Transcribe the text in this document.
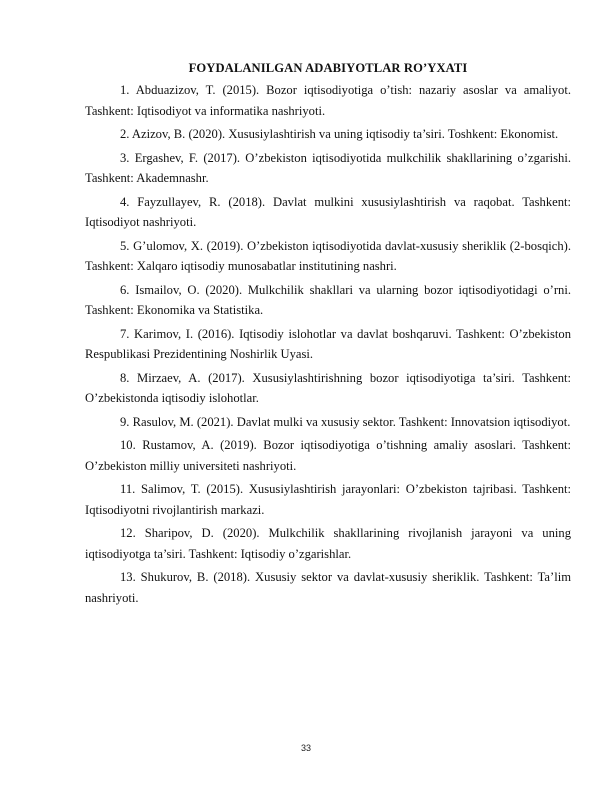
FOYDALANILGAN ADABIYOTLAR RO’YXATI
1. Abduazizov, T. (2015). Bozor iqtisodiyotiga o’tish: nazariy asoslar va amaliyot. Tashkent: Iqtisodiyot va informatika nashriyoti.
2. Azizov, B. (2020). Xususiylashtirish va uning iqtisodiy ta’siri. Toshkent: Ekonomist.
3. Ergashev, F. (2017). O’zbekiston iqtisodiyotida mulkchilik shakllarining o’zgarishi. Tashkent: Akademnashr.
4. Fayzullayev, R. (2018). Davlat mulkini xususiylashtirish va raqobat. Tashkent: Iqtisodiyot nashriyoti.
5. G’ulomov, X. (2019). O’zbekiston iqtisodiyotida davlat-xususiy sheriklik (2-bosqich). Tashkent: Xalqaro iqtisodiy munosabatlar institutining nashri.
6. Ismailov, O. (2020). Mulkchilik shakllari va ularning bozor iqtisodiyotidagi o’rni. Tashkent: Ekonomika va Statistika.
7. Karimov, I. (2016). Iqtisodiy islohotlar va davlat boshqaruvi. Tashkent: O’zbekiston Respublikasi Prezidentining Noshirlik Uyasi.
8. Mirzaev, A. (2017). Xususiylashtirishning bozor iqtisodiyotiga ta’siri. Tashkent: O’zbekistonda iqtisodiy islohotlar.
9. Rasulov, M. (2021). Davlat mulki va xususiy sektor. Tashkent: Innovatsion iqtisodiyot.
10. Rustamov, A. (2019). Bozor iqtisodiyotiga o’tishning amaliy asoslari. Tashkent: O’zbekiston milliy universiteti nashriyoti.
11. Salimov, T. (2015). Xususiylashtirish jarayonlari: O’zbekiston tajribasi. Tashkent: Iqtisodiyotni rivojlantirish markazi.
12. Sharipov, D. (2020). Mulkchilik shakllarining rivojlanish jarayoni va uning iqtisodiyotga ta’siri. Tashkent: Iqtisodiy o’zgarishlar.
13. Shukurov, B. (2018). Xususiy sektor va davlat-xususiy sheriklik. Tashkent: Ta’lim nashriyoti.
33
